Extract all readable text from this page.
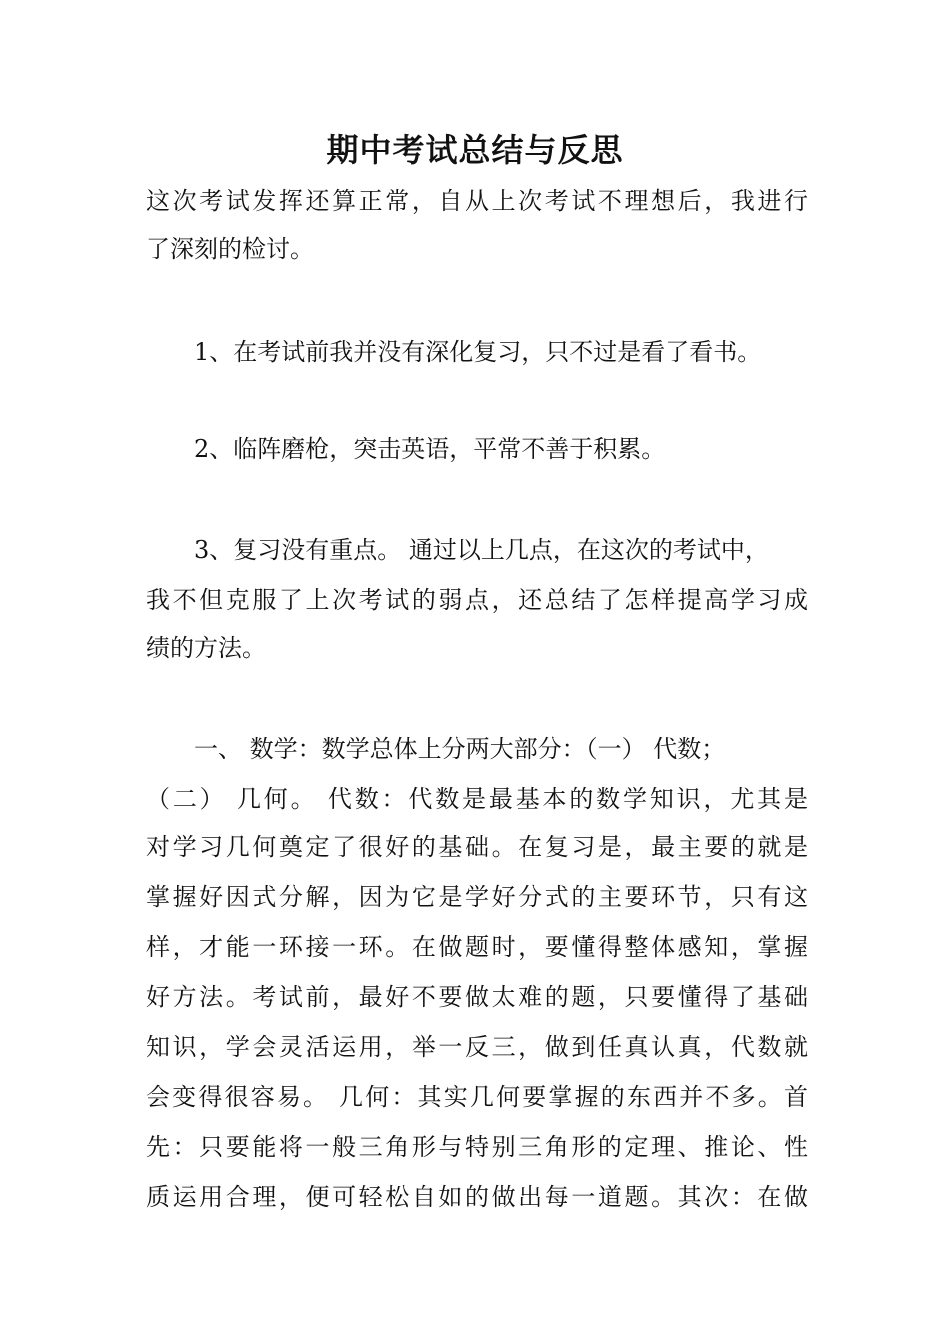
期中考试总结与反思

这次考试发挥还算正常，自从上次考试不理想后，我进行

了深刻的检讨。

1、在考试前我并没有深化复习，只不过是看了看书。

2、临阵磨枪，突击英语，平常不善于积累。

3、复习没有重点。 通过以上几点，在这次的考试中，

我不但克服了上次考试的弱点，还总结了怎样提高学习成

绩的方法。

一、 数学：数学总体上分两大部分：（一） 代数；

（二） 几何。 代数：代数是最基本的数学知识，尤其是

对学习几何奠定了很好的基础。在复习是，最主要的就是

掌握好因式分解，因为它是学好分式的主要环节，只有这

样，才能一环接一环。在做题时，要懂得整体感知，掌握

好方法。考试前，最好不要做太难的题，只要懂得了基础

知识，学会灵活运用，举一反三，做到任真认真，代数就

会变得很容易。 几何：其实几何要掌握的东西并不多。首

先：只要能将一般三角形与特别三角形的定理、推论、性

质运用合理，便可轻松自如的做出每一道题。其次：在做
